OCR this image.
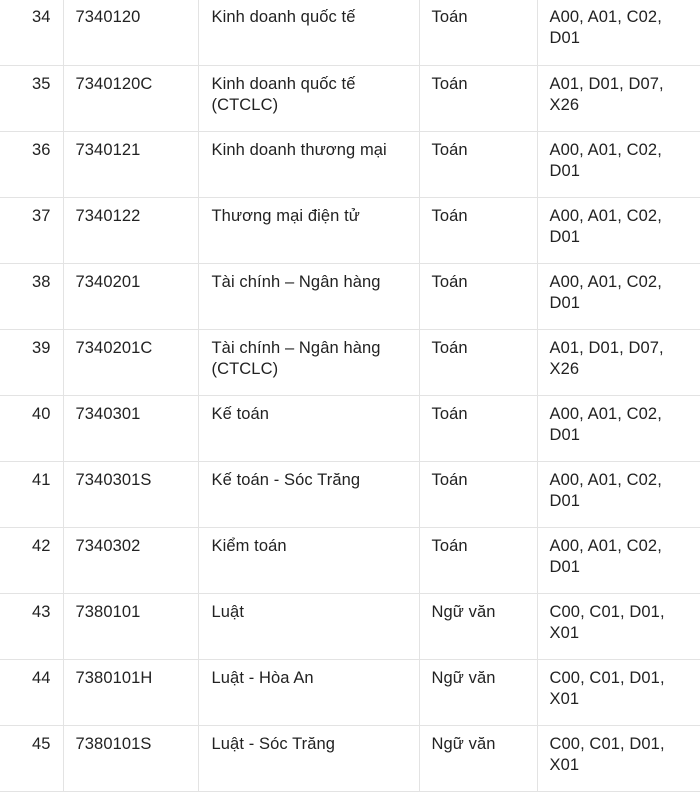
34	7340120	Kinh doanh quốc tế	Toán	A00, A01, C02, D01
35	7340120C	Kinh doanh quốc tế (CTCLC)	Toán	A01, D01, D07, X26
36	7340121	Kinh doanh thương mại	Toán	A00, A01, C02, D01
37	7340122	Thương mại điện tử	Toán	A00, A01, C02, D01
38	7340201	Tài chính – Ngân hàng	Toán	A00, A01, C02, D01
39	7340201C	Tài chính – Ngân hàng (CTCLC)	Toán	A01, D01, D07, X26
40	7340301	Kế toán	Toán	A00, A01, C02, D01
41	7340301S	Kế toán - Sóc Trăng	Toán	A00, A01, C02, D01
42	7340302	Kiểm toán	Toán	A00, A01, C02, D01
43	7380101	Luật	Ngữ văn	C00, C01, D01, X01
44	7380101H	Luật - Hòa An	Ngữ văn	C00, C01, D01, X01
45	7380101S	Luật - Sóc Trăng	Ngữ văn	C00, C01, D01, X01
